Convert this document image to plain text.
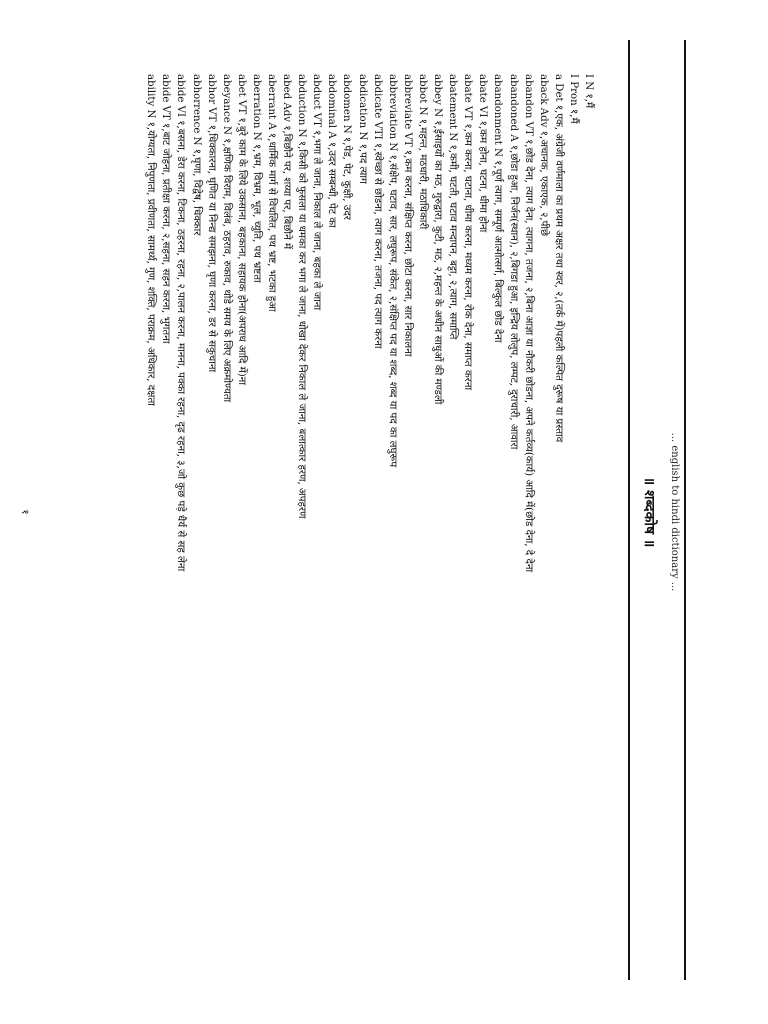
... english to hindi dictionary ...
॥ शब्दकोष ॥
I N १,मैं
I Pron १,मैं
a Det १,एक, अंग्रेजी वर्णमाला का प्रथम अक्षर तथा स्वर, २,(तर्क में)पहली कल्पित दुरूष या प्रस्ताव
aback Adv १,अचानक, एकाएक, २,पीछे
abandon VT १,छोड देना, त्याग देना, त्यागना, तजना, २,बिना आज्ञा या नौकरी छोडना, अपने कर्तव्य(कार्य) आदि में(छोड देना, दे देना
abandoned A १,छोडा हुआ, निर्जन(स्थान), २,बिगडा हुआ, इन्द्रिय लोलुप, लम्पट, दुराचारी, आवारा
abandonment N १,पूर्ण त्याग, सम्पूर्ण आत्मोत्सर्ग, बिल्कुल छोड देना
abate VI १,कम होना, घटना, धीमा होना
abate VT १,कम करना, घटाना, धीमा करना, मध्यम करना, रोक देना, समाप्त करना
abatement N १,कमी, घटती, घटाव मन्दापन, बट्टा, २,त्याग, समाप्ति
abbey N १,ईसाइयों का मठ, गुरुद्वारा, कुटी, मठ, २,महन्त के अधीन साधुओं की मण्डली
abbot N १,महन्त, मठधारी, मठाधिकारी
abbreviate VT १,कम करना, संक्षिप्त करना, छोटा करना, सार निकालना
abbreviation N १,संक्षेप, घटाव, सार, लघुरूप, संकेत, २,संक्षिप्त पद या शब्द, शब्द या पद का लघुरूप
abdicate VTI १,स्वेच्छा से छोडना, त्याग करना, तजना, पद त्याग करना
abdication N १,पद त्याग
abdomen N १,पेड, पेट, कुक्षी, उदर
abdominal A १,उदर सम्बन्धी, पेट का
abduct VT १,भगा ले जाना, निकाल ले जाना, बहका ले जाना
abduction N १,किसी को फुसला या धमका कर भगा ले जाना, धोखा देकर निकाल ले जाना, बलात्कार हरण, अपहरण
abed Adv १,बिछौने पर, शय्या पर, बिछौने में
aberrant A १,धार्मिक मार्ग से विचलित, पथ भ्रष्ट, भटका हुआ
aberration N १,भ्रम, विभ्रम, भूल, च्युति, पथ भ्रष्टता
abet VT १,बुरे काम के लिये उकसाना, बहकाना, सहायक होना(अपराध आदि में)ना
abeyance N १,क्षणिक विराम, विलंब, ठहराव, रुकाव, थोडे समय के लिए अक्रमोण्यता
abhor VT १,धिक्कारना, घृणित या निन्द्य समझना, घृणा करना, डर से सकुचाना
abhorrence N १,घृणा, विद्वेष, धिक्कार
abide VI १,बसना, डेरा करना, टिकना, ठहरना, रहना, २,पालन करना, मानना, पक्का रहना, दृढ रहना, ३,जो कुछ पड़े धैर्य से सह लेना
abide VT १,बाट जोहना, प्रतीक्षा करना, २,सहना, सहन करना, भुगतना
ability N १,योग्यता, निपुणता, प्रवीणता, सामर्थ्य, गुण, शक्ति, पराक्रम, अधिकार, दक्षता
१
